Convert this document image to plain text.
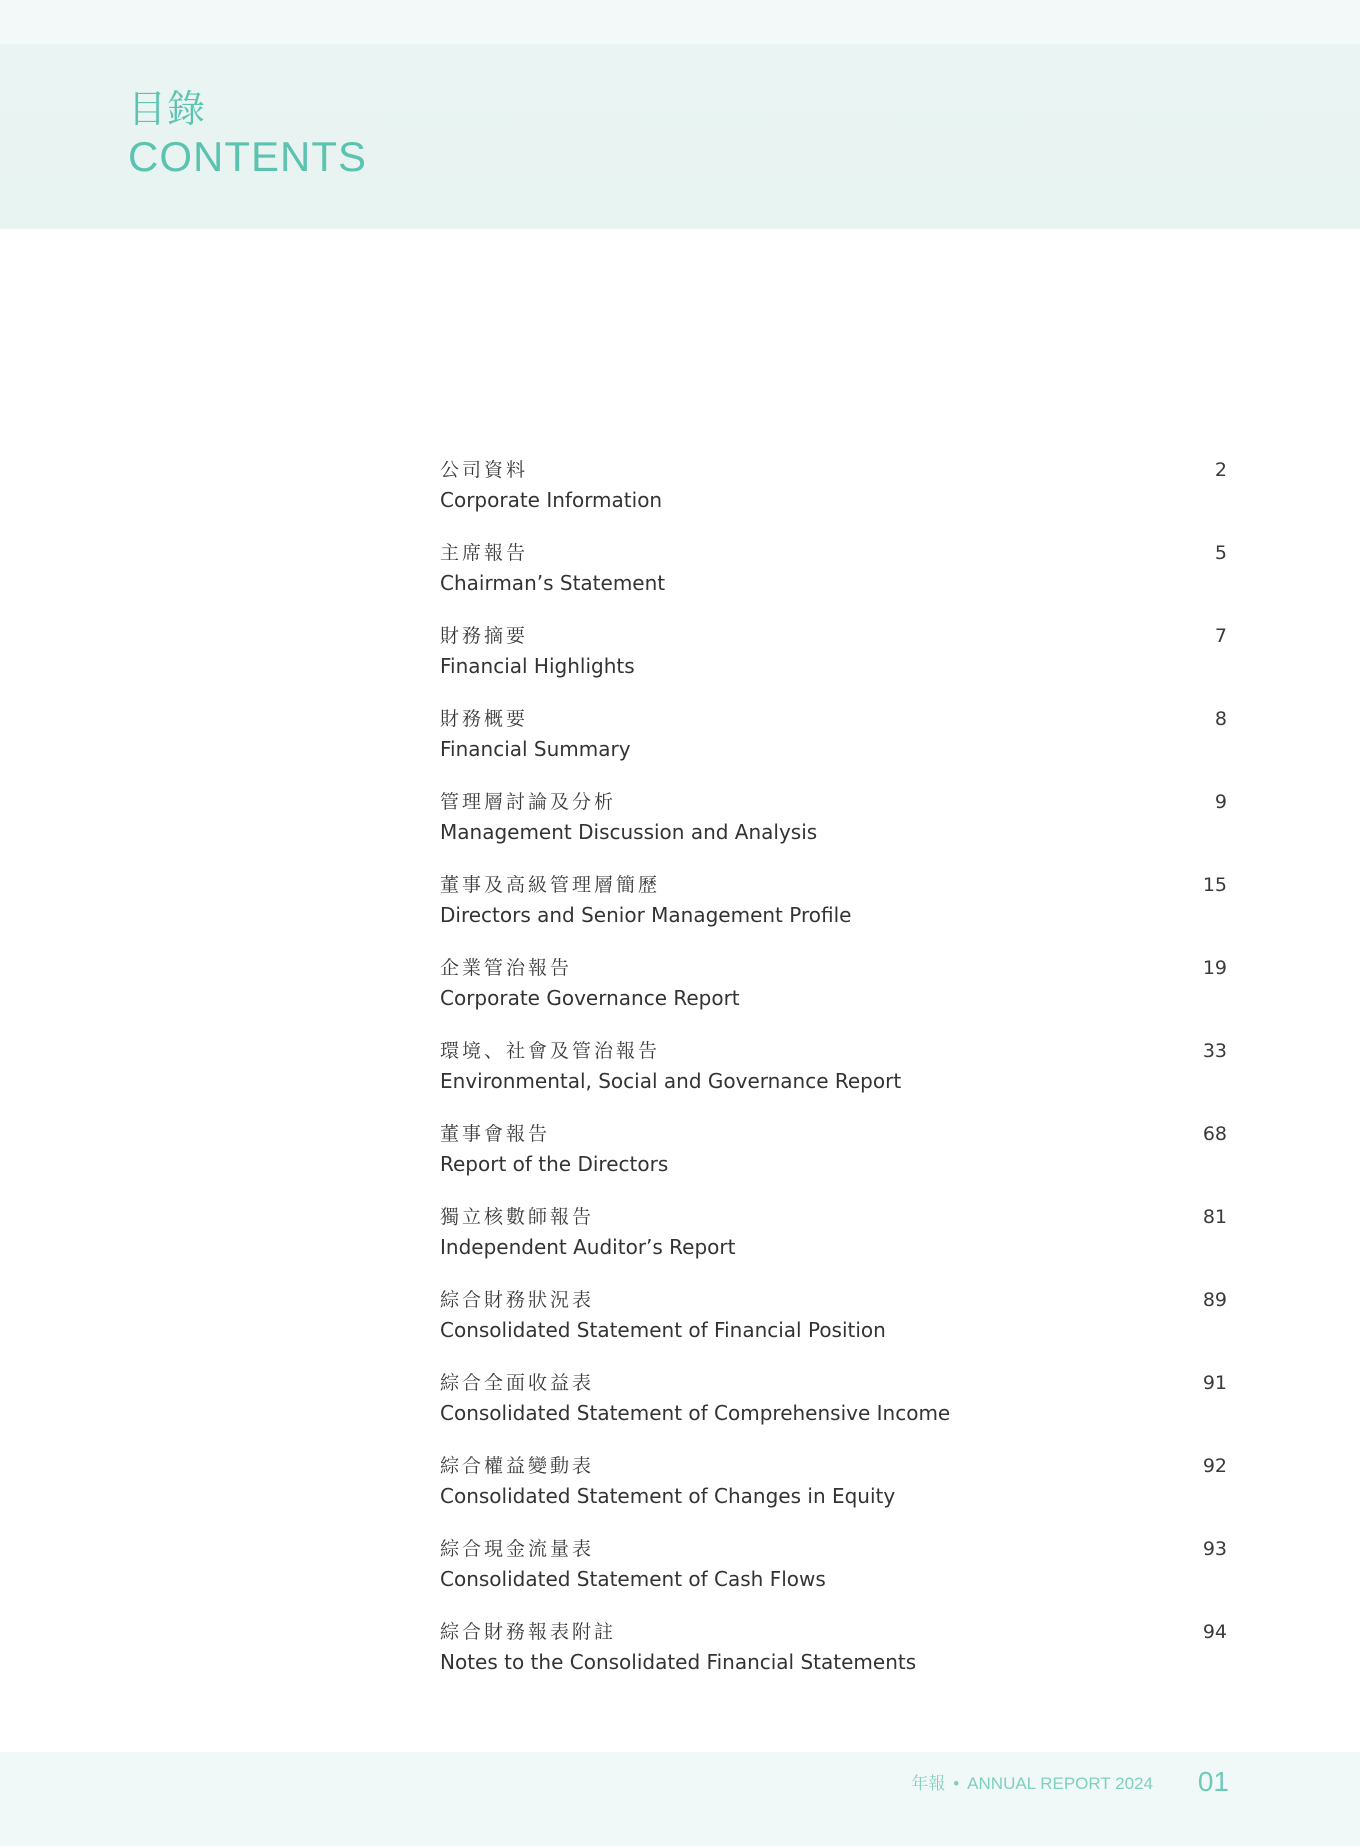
目錄
CONTENTS
公司資料
Corporate Information
2
主席報告
Chairman’s Statement
5
財務摘要
Financial Highlights
7
財務概要
Financial Summary
8
管理層討論及分析
Management Discussion and Analysis
9
董事及高級管理層簡歷
Directors and Senior Management Profile
15
企業管治報告
Corporate Governance Report
19
環境、社會及管治報告
Environmental, Social and Governance Report
33
董事會報告
Report of the Directors
68
獨立核數師報告
Independent Auditor’s Report
81
綜合財務狀況表
Consolidated Statement of Financial Position
89
綜合全面收益表
Consolidated Statement of Comprehensive Income
91
綜合權益變動表
Consolidated Statement of Changes in Equity
92
綜合現金流量表
Consolidated Statement of Cash Flows
93
綜合財務報表附註
Notes to the Consolidated Financial Statements
94
年報 • ANNUAL REPORT 2024 01
